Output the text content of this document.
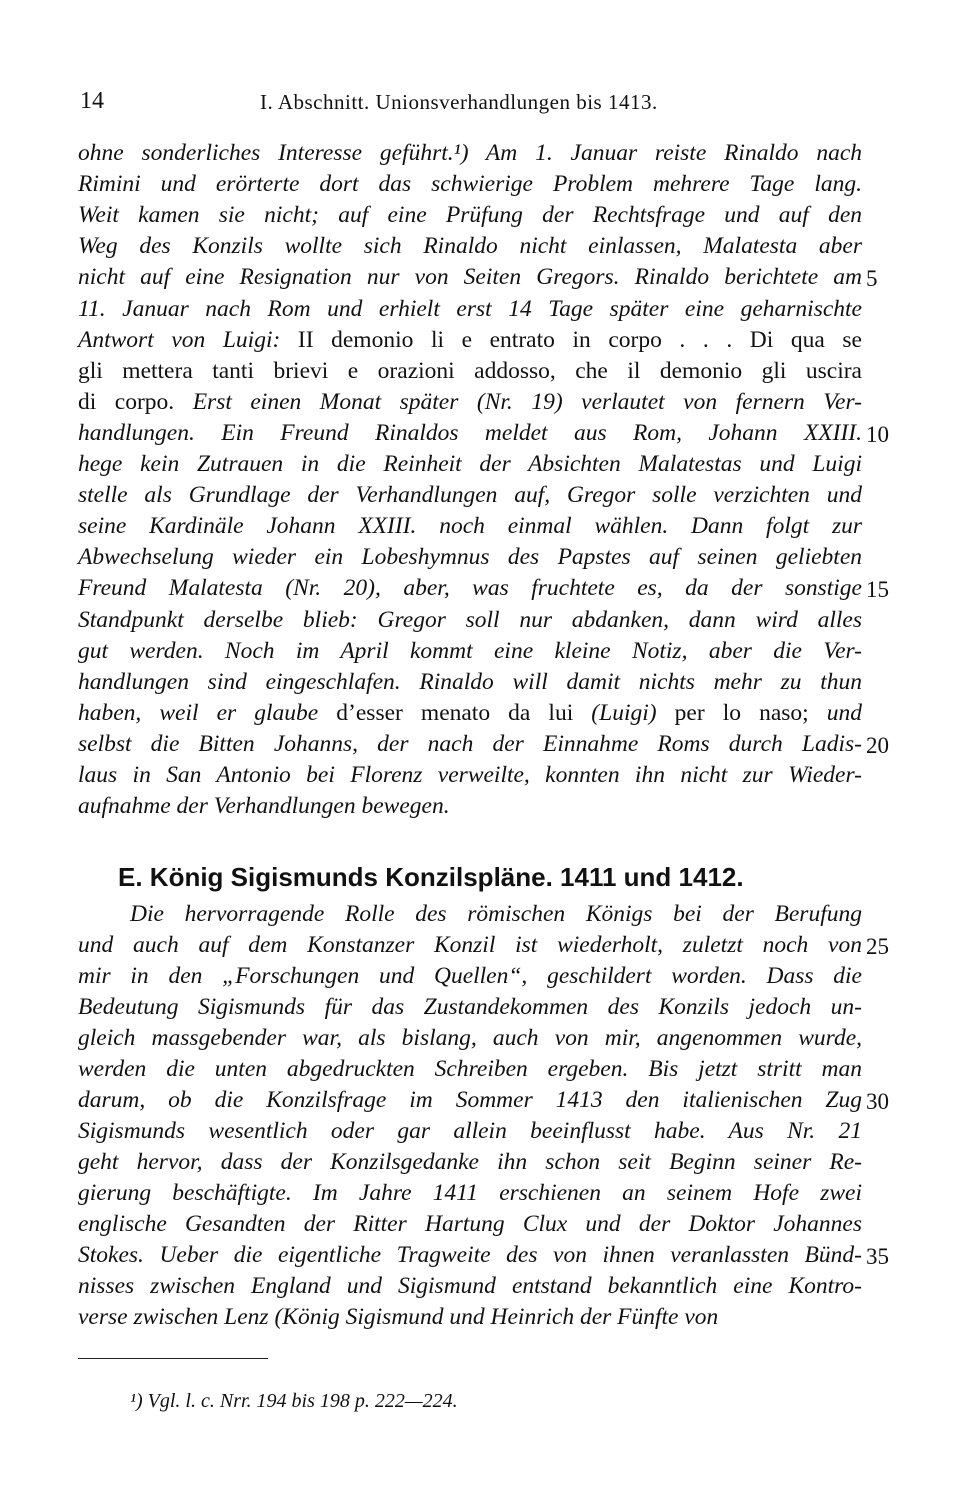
14	I. Abschnitt. Unionsverhandlungen bis 1413.
ohne sonderliches Interesse geführt.¹) Am 1. Januar reiste Rinaldo nach
Rimini und erörterte dort das schwierige Problem mehrere Tage lang.
Weit kamen sie nicht; auf eine Prüfung der Rechtsfrage und auf den
Weg des Konzils wollte sich Rinaldo nicht einlassen, Malatesta aber
nicht auf eine Resignation nur von Seiten Gregors. Rinaldo berichtete am
11. Januar nach Rom und erhielt erst 14 Tage später eine geharnischte
Antwort von Luigi: II demonio li e entrato in corpo . . . Di qua se
gli mettera tanti brievi e orazioni addosso, che il demonio gli uscira
di corpo. Erst einen Monat später (Nr. 19) verlautet von fernern Ver-
handlungen. Ein Freund Rinaldos meldet aus Rom, Johann XXIII.
hege kein Zutrauen in die Reinheit der Absichten Malatestas und Luigi
stelle als Grundlage der Verhandlungen auf, Gregor solle verzichten und
seine Kardinäle Johann XXIII. noch einmal wählen. Dann folgt zur
Abwechselung wieder ein Lobeshymnus des Papstes auf seinen geliebten
Freund Malatesta (Nr. 20), aber, was fruchtete es, da der sonstige
Standpunkt derselbe blieb: Gregor soll nur abdanken, dann wird alles
gut werden. Noch im April kommt eine kleine Notiz, aber die Ver-
handlungen sind eingeschlafen. Rinaldo will damit nichts mehr zu thun
haben, weil er glaube d’esser menato da lui (Luigi) per lo naso; und
selbst die Bitten Johanns, der nach der Einnahme Roms durch Ladis-
laus in San Antonio bei Florenz verweilte, konnten ihn nicht zur Wieder-
aufnahme der Verhandlungen bewegen.
E. König Sigismunds Konzilspläne. 1411 und 1412.
Die hervorragende Rolle des römischen Königs bei der Berufung
und auch auf dem Konstanzer Konzil ist wiederholt, zuletzt noch von
mir in den „Forschungen und Quellen“, geschildert worden. Dass die
Bedeutung Sigismunds für das Zustandekommen des Konzils jedoch un-
gleich massgebender war, als bislang, auch von mir, angenommen wurde,
werden die unten abgedruckten Schreiben ergeben. Bis jetzt stritt man
darum, ob die Konzilsfrage im Sommer 1413 den italienischen Zug
Sigismunds wesentlich oder gar allein beeinflusst habe. Aus Nr. 21
geht hervor, dass der Konzilsgedanke ihn schon seit Beginn seiner Re-
gierung beschäftigte. Im Jahre 1411 erschienen an seinem Hofe zwei
englische Gesandten der Ritter Hartung Clux und der Doktor Johannes
Stokes. Ueber die eigentliche Tragweite des von ihnen veranlassten Bünd-
nisses zwischen England und Sigismund entstand bekanntlich eine Kontro-
verse zwischen Lenz (König Sigismund und Heinrich der Fünfte von
5
10
15
20
25
30
35
¹) Vgl. l. c. Nrr. 194 bis 198 p. 222—224.
